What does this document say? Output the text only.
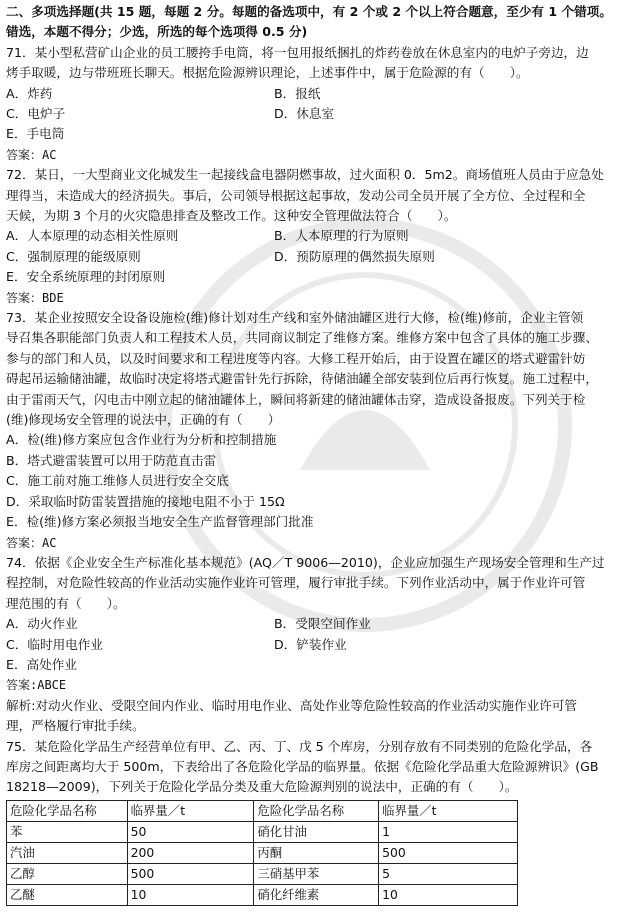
二、多项选择题(共 15 题，每题 2 分。每题的备选项中，有 2 个或 2 个以上符合题意，至少有 1 个错项。
错选，本题不得分；少选，所选的每个选项得 0.5 分)
71．某小型私营矿山企业的员工腰挎手电筒，将一包用报纸捆扎的炸药卷放在休息室内的电炉子旁边，边
烤手取暖，边与带班班长聊天。根据危险源辨识理论，上述事件中，属于危险源的有（　　）。
A．炸药	B．报纸
C．电炉子	D．休息室
E．手电筒
答案：AC
72．某日，一大型商业文化城发生一起接线盒电器阴燃事故，过火面积 0．5m2。商场值班人员由于应急处
理得当，未造成大的经济损失。事后，公司领导根据这起事故，发动公司全员开展了全方位、全过程和全
天候，为期 3 个月的火灾隐患排查及整改工作。这种安全管理做法符合（　　）。
A．人本原理的动态相关性原则	B．人本原理的行为原则
C．强制原理的能级原则	D．预防原理的偶然损失原则
E．安全系统原理的封闭原则
答案：BDE
73．某企业按照安全设备设施检(维)修计划对生产线和室外储油罐区进行大修，检(维)修前，企业主管领
导召集各职能部门负责人和工程技术人员，共同商议制定了维修方案。维修方案中包含了具体的施工步骤、
参与的部门和人员，以及时间要求和工程进度等内容。大修工程开始后，由于设置在罐区的塔式避雷针妨
碍起吊运输储油罐，故临时决定将塔式避雷针先行拆除，待储油罐全部安装到位后再行恢复。施工过程中，
由于雷雨天气，闪电击中刚立起的储油罐体上，瞬间将新建的储油罐体击穿，造成设备报废。下列关于检
(维)修现场安全管理的说法中，正确的有（　　）
A．检(维)修方案应包含作业行为分析和控制措施
B．塔式避雷装置可以用于防范直击雷
C．施工前对施工维修人员进行安全交底
D．采取临时防雷装置措施的接地电阻不小于 15Ω
E．检(维)修方案必须报当地安全生产监督管理部门批准
答案：AC
74．依据《企业安全生产标准化基本规范》(AQ／T 9006—2010)，企业应加强生产现场安全管理和生产过
程控制，对危险性较高的作业活动实施作业许可管理，履行审批手续。下列作业活动中，属于作业许可管
理范围的有（　　）。
A．动火作业	B．受限空间作业
C．临时用电作业	D．铲装作业
E．高处作业
答案:ABCE
解析:对动火作业、受限空间内作业、临时用电作业、高处作业等危险性较高的作业活动实施作业许可管
理，严格履行审批手续。
75．某危险化学品生产经营单位有甲、乙、丙、丁、戊 5 个库房，分别存放有不同类别的危险化学品，各
库房之间距离均大于 500m，下表给出了各危险化学品的临界量。依据《危险化学品重大危险源辨识》(GB
18218—2009)，下列关于危险化学品分类及重大危险源判别的说法中，正确的有（　　）。
危险化学品名称	临界量／t	危险化学品名称	临界量／t
苯	50	硝化甘油	1
汽油	200	丙酮	500
乙醇	500	三硝基甲苯	5
乙醚	10	硝化纤维素	10
